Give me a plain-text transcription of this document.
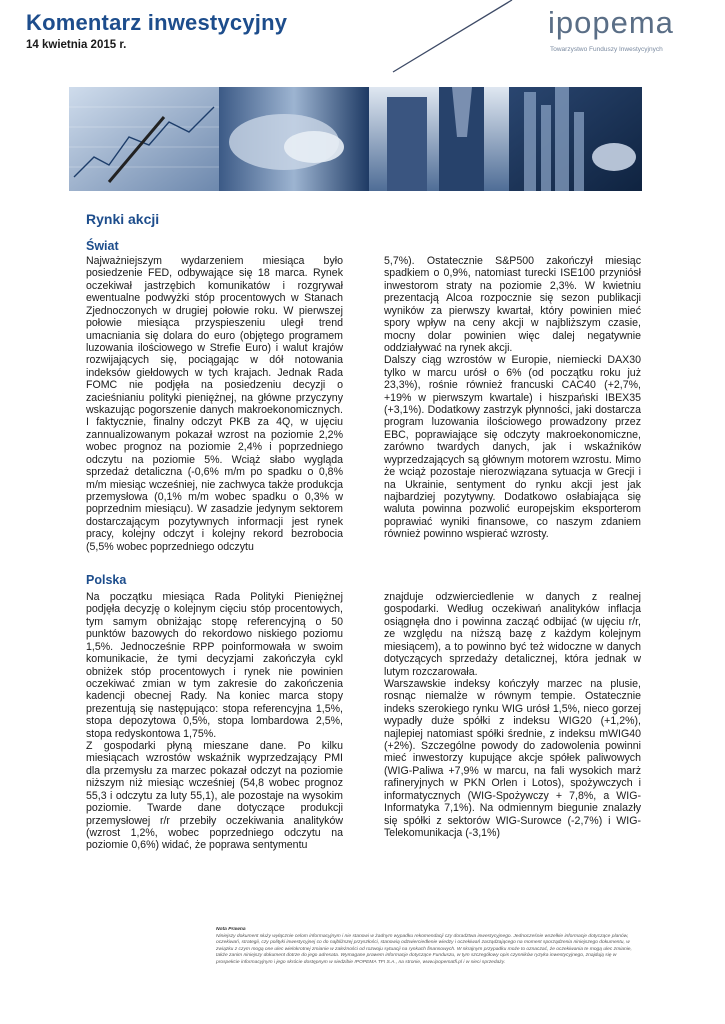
Komentarz inwestycyjny
14 kwietnia 2015 r.
ipopema
Towarzystwo Funduszy Inwestycyjnych
Rynki akcji
Świat

Najważniejszym wydarzeniem miesiąca było posiedzenie FED, odbywające się 18 marca. Rynek oczekiwał jastrzębich komunikatów i rozgrywał ewentualne podwyżki stóp procentowych w Stanach Zjednoczonych w drugiej połowie roku. W pierwszej połowie miesiąca przyspieszeniu uległ trend umacniania się dolara do euro (objętego programem luzowania ilościowego w Strefie Euro) i walut krajów rozwijających się, pociągając w dół notowania indeksów giełdowych w tych krajach. Jednak Rada FOMC nie podjęła na posiedzeniu decyzji o zacieśnianiu polityki pieniężnej, na główne przyczyny wskazując pogorszenie danych makroekonomicznych. I faktycznie, finalny odczyt PKB za 4Q, w ujęciu zannualizowanym pokazał wzrost na poziomie 2,2% wobec prognoz na poziomie 2,4% i poprzedniego odczytu na poziomie 5%. Wciąż słabo wygląda sprzedaż detaliczna (-0,6% m/m po spadku o 0,8% m/m miesiąc wcześniej, nie zachwyca także produkcja przemysłowa (0,1% m/m wobec spadku o 0,3% w poprzednim miesiącu). W zasadzie jedynym sektorem dostarczającym pozytywnych informacji jest rynek pracy, kolejny odczyt i kolejny rekord bezrobocia (5,5% wobec poprzedniego odczytu

5,7%). Ostatecznie S&P500 zakończył miesiąc spadkiem o 0,9%, natomiast turecki ISE100 przyniósł inwestorom straty na poziomie 2,3%. W kwietniu prezentacją Alcoa rozpocznie się sezon publikacji wyników za pierwszy kwartał, który powinien mieć spory wpływ na ceny akcji w najbliższym czasie, mocny dolar powinien więc dalej negatywnie oddziaływać na rynek akcji.

Dalszy ciąg wzrostów w Europie, niemiecki DAX30 tylko w marcu urósł o 6% (od początku roku już 23,3%), rośnie również francuski CAC40 (+2,7%, +19% w pierwszym kwartale) i hiszpański IBEX35 (+3,1%). Dodatkowy zastrzyk płynności, jaki dostarcza program luzowania ilościowego prowadzony przez EBC, poprawiające się odczyty makroekonomiczne, zarówno twardych danych, jak i wskaźników wyprzedzających są głównym motorem wzrostu. Mimo że wciąż pozostaje nierozwiązana sytuacja w Grecji i na Ukrainie, sentyment do rynku akcji jest jak najbardziej pozytywny. Dodatkowo osłabiająca się waluta powinna pozwolić europejskim eksporterom poprawiać wyniki finansowe, co naszym zdaniem również powinno wspierać wzrosty.

Polska

Na początku miesiąca Rada Polityki Pieniężnej podjęła decyzję o kolejnym cięciu stóp procentowych, tym samym obniżając stopę referencyjną o 50 punktów bazowych do rekordowo niskiego poziomu 1,5%. Jednocześnie RPP poinformowała w swoim komunikacie, że tymi decyzjami zakończyła cykl obniżek stóp procentowych i rynek nie powinien oczekiwać zmian w tym zakresie do zakończenia kadencji obecnej Rady. Na koniec marca stopy prezentują się następująco: stopa referencyjna 1,5%, stopa depozytowa 0,5%, stopa lombardowa 2,5%, stopa redyskontowa 1,75%.

Z gospodarki płyną mieszane dane. Po kilku miesiącach wzrostów wskaźnik wyprzedzający PMI dla przemysłu za marzec pokazał odczyt na poziomie niższym niż miesiąc wcześniej (54,8 wobec prognoz 55,3 i odczytu za luty 55,1), ale pozostaje na wysokim poziomie. Twarde dane dotyczące produkcji przemysłowej r/r przebiły oczekiwania analityków (wzrost 1,2%, wobec poprzedniego odczytu na poziomie 0,6%) widać, że poprawa sentymentu

znajduje odzwierciedlenie w danych z realnej gospodarki. Według oczekiwań analityków inflacja osiągnęła dno i powinna zacząć odbijać (w ujęciu r/r, ze względu na niższą bazę z każdym kolejnym miesiącem), a to powinno być też widoczne w danych dotyczących sprzedaży detalicznej, która jednak w lutym rozczarowała.

Warszawskie indeksy kończyły marzec na plusie, rosnąc niemalże w równym tempie. Ostatecznie indeks szerokiego rynku WIG urósł 1,5%, nieco gorzej wypadły duże spółki z indeksu WIG20 (+1,2%), najlepiej natomiast spółki średnie, z indeksu mWIG40 (+2%). Szczególne powody do zadowolenia powinni mieć inwestorzy kupujące akcje spółek paliwowych (WIG-Paliwa +7,9% w marcu, na fali wysokich marż rafineryjnych w PKN Orlen i Lotos), spożywczych i informatycznych (WIG-Spożywczy + 7,8%, a WIG-Informatyka 7,1%). Na odmiennym biegunie znalazły się spółki z sektorów WIG-Surowce (-2,7%) i WIG-Telekomunikacja (-3,1%)

Nota Prawna
Niniejszy dokument służy wyłącznie celom informacyjnym i nie stanowi w żadnym wypadku rekomendacji czy doradztwa inwestycyjnego. Jednocześnie wszelkie informacje dotyczące planów, oczekiwań, strategii, czy polityki inwestycyjnej co do najbliższej przyszłości, stanowią odzwierciedlenie wiedzy i oczekiwań zarządzającego na moment sporządzenia niniejszego dokumentu, w związku z czym mogą one ulec wielokrotnej zmianie w zależności od rozwoju sytuacji na rynkach finansowych. W skrajnym przypadku może to oznaczać, że oczekiwania te mogą ulec zmianie, także zanim niniejszy dokument dotrze do jego adresata. Wymagane prawem informacje dotyczące Funduszu, w tym szczegółowy opis czynników ryzyka inwestycyjnego, znajdują się w prospekcie informacyjnym i jego skrócie dostępnym w siedzibie IPOPEMA TFI S.A., na stronie, www.ipopematfi.pl i w sieci sprzedaży.
